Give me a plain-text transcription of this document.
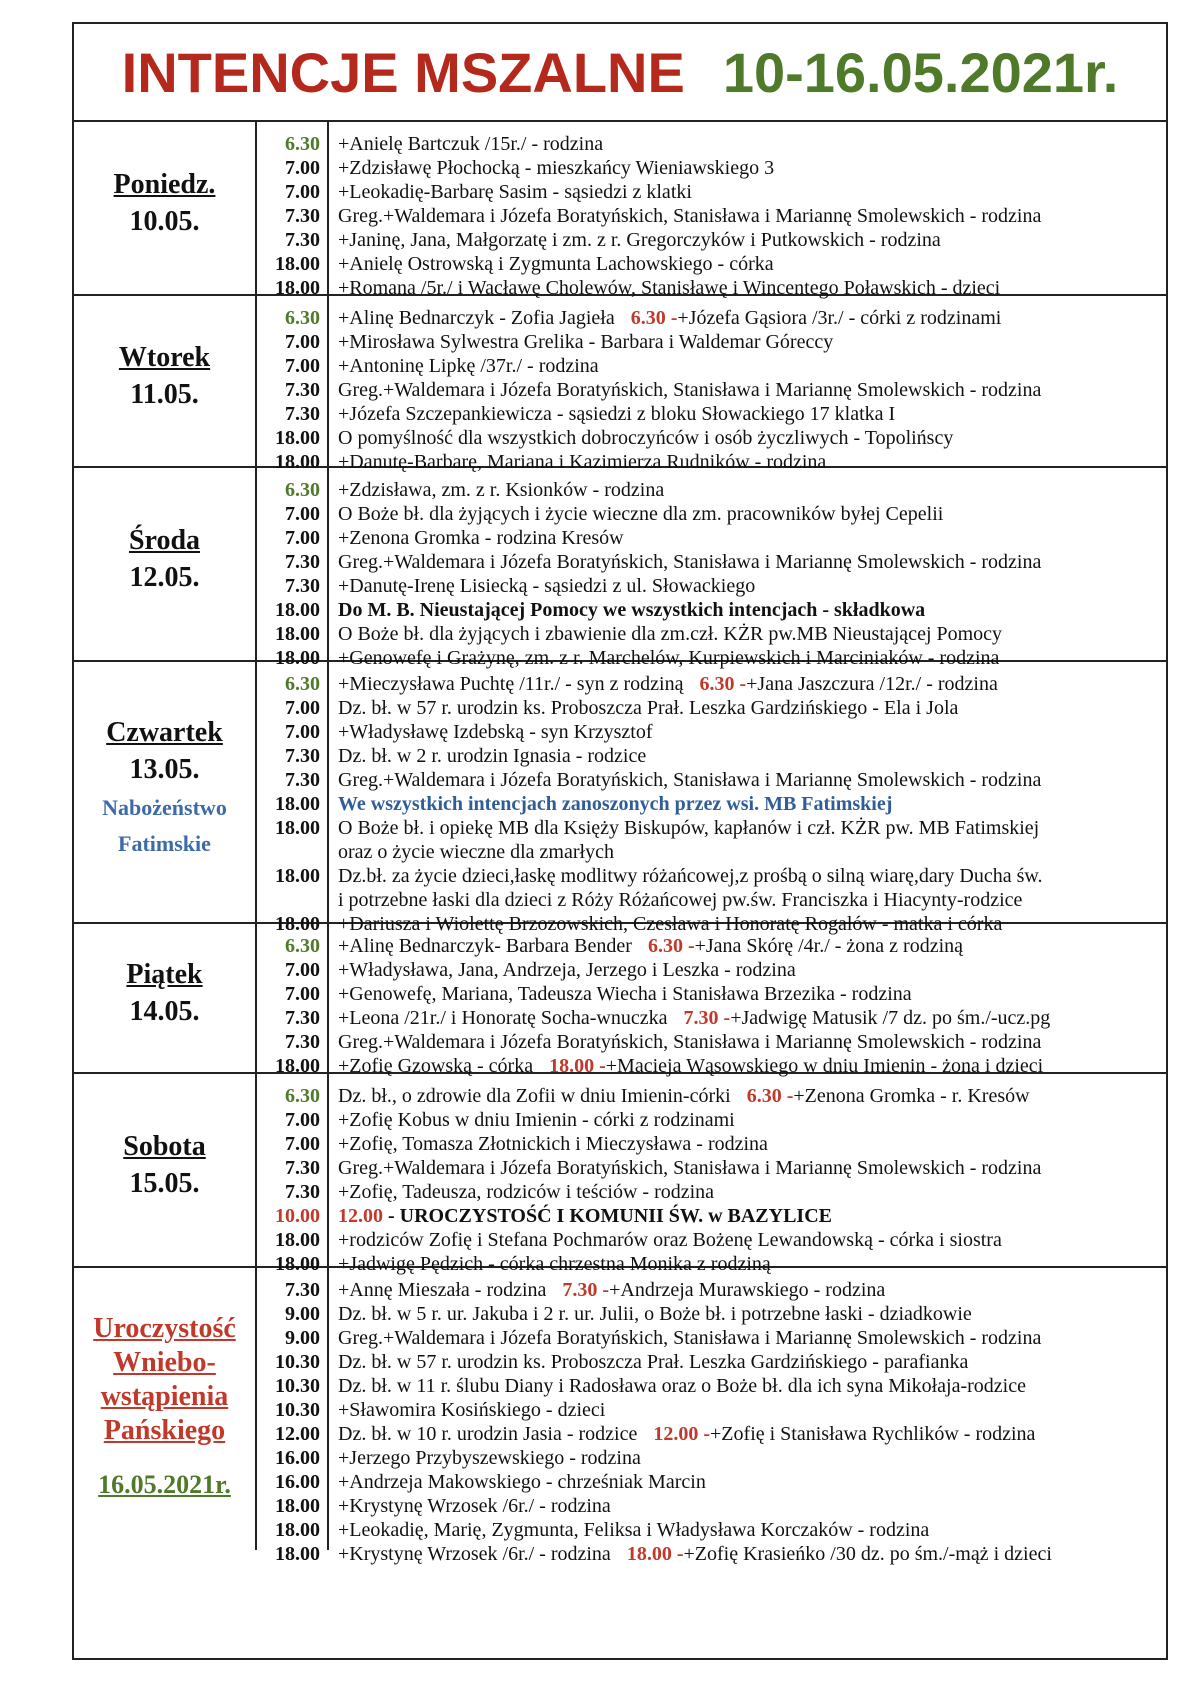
INTENCJE MSZALNE 10-16.05.2021r.
Poniedz.
10.05.
6.30
7.00
7.00
7.30
7.30
18.00
18.00
+Anielę Bartczuk /15r./ - rodzina
+Zdzisławę Płochocką - mieszkańcy Wieniawskiego 3
+Leokadię-Barbarę Sasim - sąsiedzi z klatki
Greg.+Waldemara i Józefa Boratyńskich, Stanisława i Mariannę Smolewskich - rodzina
+Janinę, Jana, Małgorzatę i zm. z r. Gregorczyków i Putkowskich - rodzina
+Anielę Ostrowską i Zygmunta Lachowskiego - córka
+Romana /5r./ i Wacławę Cholewów, Stanisławę i Wincentego Poławskich - dzieci
Wtorek
11.05.
6.30
7.00
7.00
7.30
7.30
18.00
18.00
+Alinę Bednarczyk - Zofia Jagieła 6.30 -+Józefa Gąsiora /3r./ - córki z rodzinami
+Mirosława Sylwestra Grelika - Barbara i Waldemar Góreccy
+Antoninę Lipkę /37r./ - rodzina
Greg.+Waldemara i Józefa Boratyńskich, Stanisława i Mariannę Smolewskich - rodzina
+Józefa Szczepankiewicza - sąsiedzi z bloku Słowackiego 17 klatka I
O pomyślność dla wszystkich dobroczyńców i osób życzliwych - Topolińscy
+Danutę-Barbarę, Mariana i Kazimierza Rudników - rodzina
Środa
12.05.
6.30
7.00
7.00
7.30
7.30
18.00
18.00
18.00
+Zdzisława, zm. z r. Ksionków - rodzina
O Boże bł. dla żyjących i życie wieczne dla zm. pracowników byłej Cepelii
+Zenona Gromka - rodzina Kresów
Greg.+Waldemara i Józefa Boratyńskich, Stanisława i Mariannę Smolewskich - rodzina
+Danutę-Irenę Lisiecką - sąsiedzi z ul. Słowackiego
Do M. B. Nieustającej Pomocy we wszystkich intencjach - składkowa
O Boże bł. dla żyjących i zbawienie dla zm.czł. KŻR pw.MB Nieustającej Pomocy
+Genowefę i Grażynę, zm. z r. Marchelów, Kurpiewskich i Marciniaków - rodzina
Czwartek
13.05.
Nabożeństwo
Fatimskie
6.30
7.00
7.00
7.30
7.30
18.00
18.00
18.00
18.00
+Mieczysława Puchtę /11r./ - syn z rodziną 6.30 -+Jana Jaszczura /12r./ - rodzina
Dz. bł. w 57 r. urodzin ks. Proboszcza Prał. Leszka Gardzińskiego - Ela i Jola
+Władysławę Izdebską - syn Krzysztof
Dz. bł. w 2 r. urodzin Ignasia - rodzice
Greg.+Waldemara i Józefa Boratyńskich, Stanisława i Mariannę Smolewskich - rodzina
We wszystkich intencjach zanoszonych przez wsi. MB Fatimskiej
O Boże bł. i opiekę MB dla Księży Biskupów, kapłanów i czł. KŻR pw. MB Fatimskiej
oraz o życie wieczne dla zmarłych
Dz.bł. za życie dzieci,łaskę modlitwy różańcowej,z prośbą o silną wiarę,dary Ducha św.
i potrzebne łaski dla dzieci z Róży Różańcowej pw.św. Franciszka i Hiacynty-rodzice
+Dariusza i Wiolettę Brzozowskich, Czesława i Honoratę Rogalów - matka i córka
Piątek
14.05.
6.30
7.00
7.00
7.30
7.30
18.00
+Alinę Bednarczyk- Barbara Bender 6.30 -+Jana Skórę /4r./ - żona z rodziną
+Władysława, Jana, Andrzeja, Jerzego i Leszka - rodzina
+Genowefę, Mariana, Tadeusza Wiecha i Stanisława Brzezika - rodzina
+Leona /21r./ i Honoratę Socha-wnuczka 7.30 -+Jadwigę Matusik /7 dz. po śm./-ucz.pg
Greg.+Waldemara i Józefa Boratyńskich, Stanisława i Mariannę Smolewskich - rodzina
+Zofię Gzowską - córka 18.00 -+Macieja Wąsowskiego w dniu Imienin - żona i dzieci
Sobota
15.05.
6.30
7.00
7.00
7.30
7.30
10.00
18.00
18.00
Dz. bł., o zdrowie dla Zofii w dniu Imienin-córki 6.30 -+Zenona Gromka - r. Kresów
+Zofię Kobus w dniu Imienin - córki z rodzinami
+Zofię, Tomasza Złotnickich i Mieczysława - rodzina
Greg.+Waldemara i Józefa Boratyńskich, Stanisława i Mariannę Smolewskich - rodzina
+Zofię, Tadeusza, rodziców i teściów - rodzina
12.00 - UROCZYSTOŚĆ I KOMUNII ŚW. w BAZYLICE
+rodziców Zofię i Stefana Pochmarów oraz Bożenę Lewandowską - córka i siostra
+Jadwigę Pędzich - córka chrzestna Monika z rodziną
Uroczystość
Wniebo-
wstąpienia
Pańskiego
16.05.2021r.
7.30
9.00
9.00
10.30
10.30
10.30
12.00
16.00
16.00
18.00
18.00
18.00
+Annę Mieszała - rodzina 7.30 -+Andrzeja Murawskiego - rodzina
Dz. bł. w 5 r. ur. Jakuba i 2 r. ur. Julii, o Boże bł. i potrzebne łaski - dziadkowie
Greg.+Waldemara i Józefa Boratyńskich, Stanisława i Mariannę Smolewskich - rodzina
Dz. bł. w 57 r. urodzin ks. Proboszcza Prał. Leszka Gardzińskiego - parafianka
Dz. bł. w 11 r. ślubu Diany i Radosława oraz o Boże bł. dla ich syna Mikołaja-rodzice
+Sławomira Kosińskiego - dzieci
Dz. bł. w 10 r. urodzin Jasia - rodzice 12.00 -+Zofię i Stanisława Rychlików - rodzina
+Jerzego Przybyszewskiego - rodzina
+Andrzeja Makowskiego - chrześniak Marcin
+Krystynę Wrzosek /6r./ - rodzina
+Leokadię, Marię, Zygmunta, Feliksa i Władysława Korczaków - rodzina
+Krystynę Wrzosek /6r./ - rodzina 18.00 -+Zofię Krasieńko /30 dz. po śm./-mąż i dzieci
